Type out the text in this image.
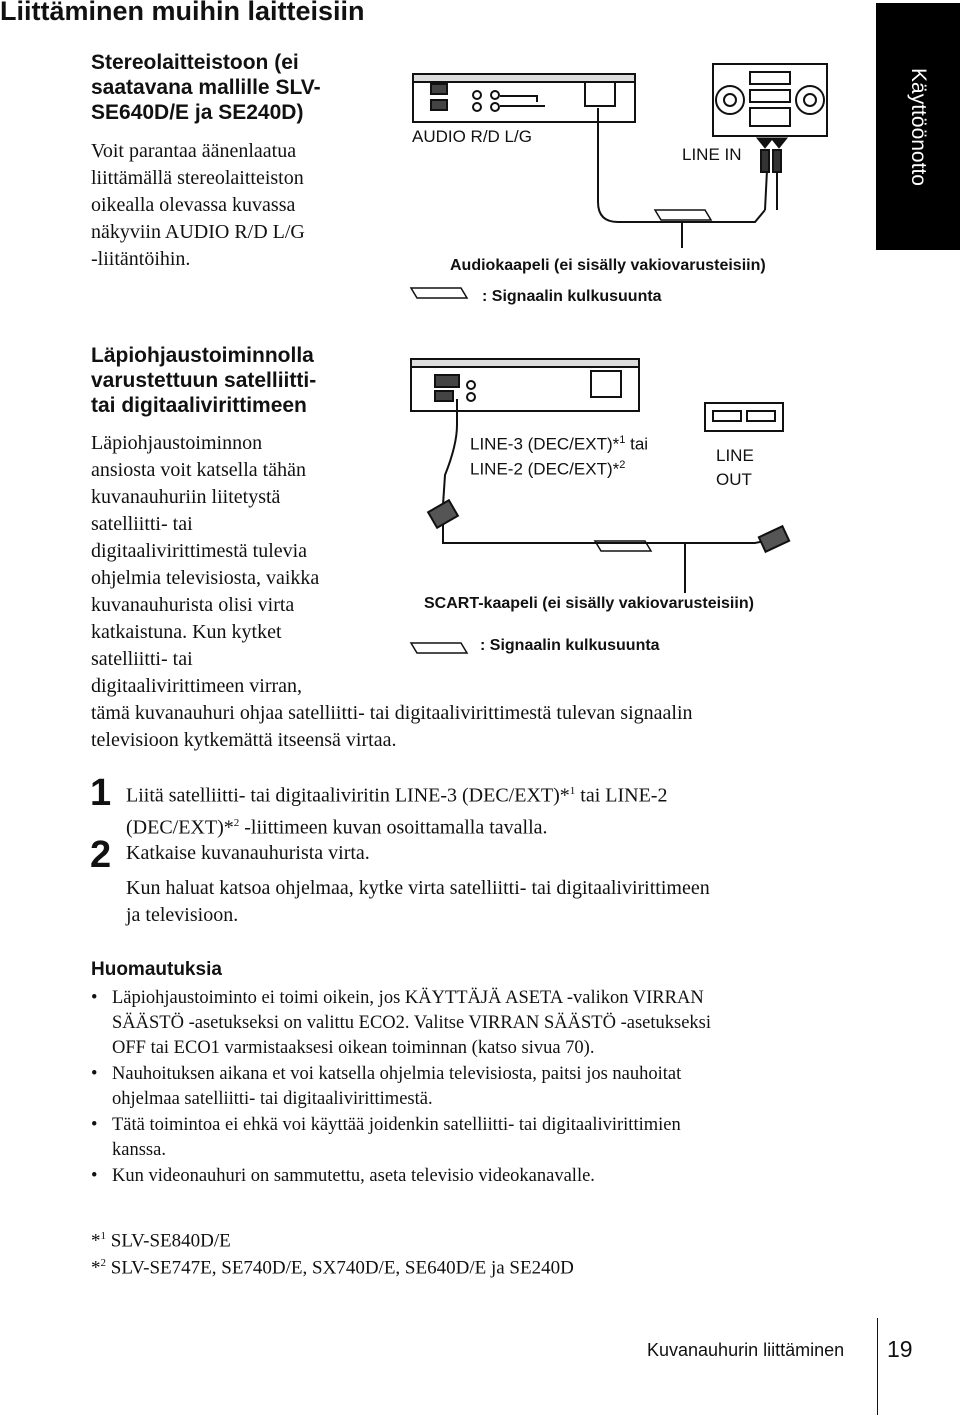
Liittäminen muihin laitteisiin
Käyttöönotto
Stereolaitteistoon (ei
saatavana mallille SLV-
SE640D/E ja SE240D)
Voit parantaa äänenlaatua
liittämällä stereolaitteiston
oikealla olevassa kuvassa
näkyviin AUDIO R/D L/G
-liitäntöihin.
AUDIO R/D L/G
LINE IN
Audiokaapeli (ei sisälly vakiovarusteisiin)
: Signaalin kulkusuunta
Läpiohjaustoiminnolla
varustettuun satelliitti-
tai digitaalivirittimeen
Läpiohjaustoiminnon
ansiosta voit katsella tähän
kuvanauhuriin liitetystä
satelliitti- tai
digitaalivirittimestä tulevia
ohjelmia televisiosta, vaikka
kuvanauhurista olisi virta
katkaistuna. Kun kytket
satelliitti- tai
digitaalivirittimeen virran,
tämä kuvanauhuri ohjaa satelliitti- tai digitaalivirittimestä tulevan signaalin
televisioon kytkemättä itseensä virtaa.
LINE-3 (DEC/EXT)*$^1$ tai
LINE-2 (DEC/EXT)*$^2$	LINE
OUT
SCART-kaapeli (ei sisälly vakiovarusteisiin)
: Signaalin kulkusuunta
1 Liitä satelliitti- tai digitaaliviritin LINE-3 (DEC/EXT)*$^1$ tai LINE-2
(DEC/EXT)*$^2$ -liittimeen kuvan osoittamalla tavalla.
2 Katkaise kuvanauhurista virta.
Kun haluat katsoa ohjelmaa, kytke virta satelliitti- tai digitaalivirittimeen
ja televisioon.
Huomautuksia
• Läpiohjaustoiminto ei toimi oikein, jos KÄYTTÄJÄ ASETA -valikon VIRRAN
SÄÄSTÖ -asetukseksi on valittu ECO2. Valitse VIRRAN SÄÄSTÖ -asetukseksi
OFF tai ECO1 varmistaaksesi oikean toiminnan (katso sivua 70).
• Nauhoituksen aikana et voi katsella ohjelmia televisiosta, paitsi jos nauhoitat
ohjelmaa satelliitti- tai digitaalivirittimestä.
• Tätä toimintoa ei ehkä voi käyttää joidenkin satelliitti- tai digitaalivirittimien
kanssa.
• Kun videonauhuri on sammutettu, aseta televisio videokanavalle.
*$^1$ SLV-SE840D/E
*$^2$ SLV-SE747E, SE740D/E, SX740D/E, SE640D/E ja SE240D
Kuvanauhurin liittäminen 19
